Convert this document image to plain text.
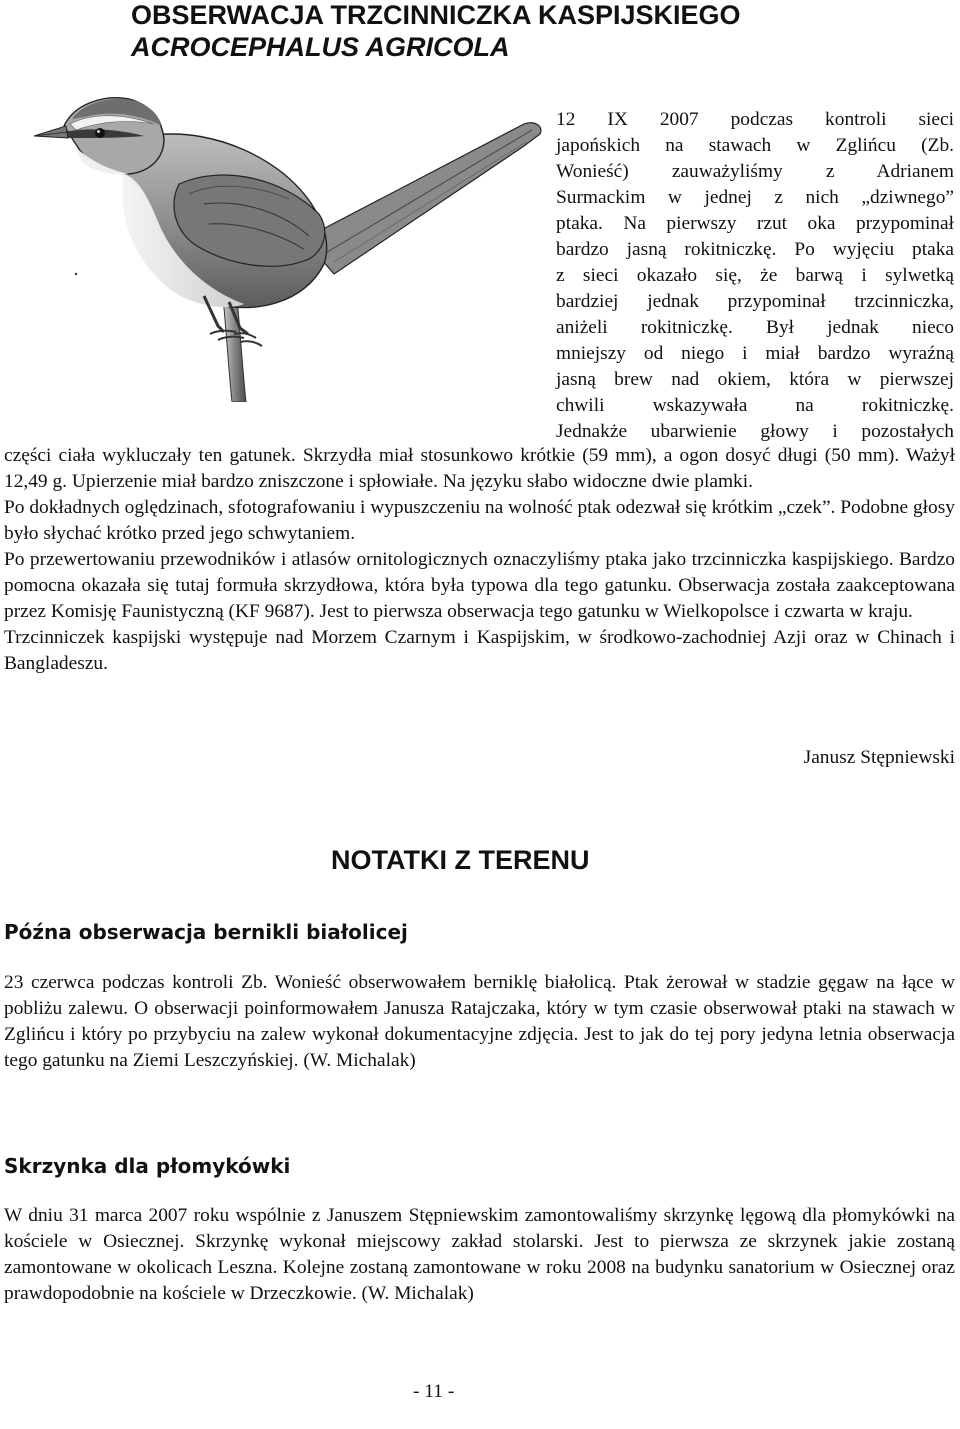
OBSERWACJA TRZCINNICZKA KASPIJSKIEGO
ACROCEPHALUS AGRICOLA
12 IX 2007 podczas kontroli sieci
japońskich na stawach w Zglińcu (Zb.
Wonieść) zauważyliśmy z Adrianem
Surmackim w jednej z nich „dziwnego”
ptaka. Na pierwszy rzut oka przypominał
bardzo jasną rokitniczkę. Po wyjęciu ptaka
z sieci okazało się, że barwą i sylwetką
bardziej jednak przypominał trzcinniczka,
aniżeli rokitniczkę. Był jednak nieco
mniejszy od niego i miał bardzo wyraźną
jasną brew nad okiem, która w pierwszej
chwili wskazywała na rokitniczkę.
Jednakże ubarwienie głowy i pozostałych

części ciała wykluczały ten gatunek. Skrzydła miał stosunkowo krótkie (59 mm), a ogon dosyć długi (50 mm). Ważył 12,49 g. Upierzenie miał bardzo zniszczone i spłowiałe. Na języku słabo widoczne dwie plamki.

Po dokładnych oględzinach, sfotografowaniu i wypuszczeniu na wolność ptak odezwał się krótkim „czek”. Podobne głosy było słychać krótko przed jego schwytaniem.

Po przewertowaniu przewodników i atlasów ornitologicznych oznaczyliśmy ptaka jako trzcinniczka kaspijskiego. Bardzo pomocna okazała się tutaj formuła skrzydłowa, która była typowa dla tego gatunku. Obserwacja została zaakceptowana przez Komisję Faunistyczną (KF 9687). Jest to pierwsza obserwacja tego gatunku w Wielkopolsce i czwarta w kraju.

Trzcinniczek kaspijski występuje nad Morzem Czarnym i Kaspijskim, w środkowo-zachodniej Azji oraz w Chinach i Bangladeszu.

Janusz Stępniewski

NOTATKI Z TERENU
Późna obserwacja bernikli białolicej

23 czerwca podczas kontroli Zb. Wonieść obserwowałem berniklę białolicą. Ptak żerował w stadzie gęgaw na łące w pobliżu zalewu. O obserwacji poinformowałem Janusza Ratajczaka, który w tym czasie obserwował ptaki na stawach w Zglińcu i który po przybyciu na zalew wykonał dokumentacyjne zdjęcia. Jest to jak do tej pory jedyna letnia obserwacja tego gatunku na Ziemi Leszczyńskiej. (W. Michalak)

Skrzynka dla płomykówki

W dniu 31 marca 2007 roku wspólnie z Januszem Stępniewskim zamontowaliśmy skrzynkę lęgową dla płomykówki na kościele w Osiecznej. Skrzynkę wykonał miejscowy zakład stolarski. Jest to pierwsza ze skrzynek jakie zostaną zamontowane w okolicach Leszna. Kolejne zostaną zamontowane w roku 2008 na budynku sanatorium w Osiecznej oraz prawdopodobnie na kościele w Drzeczkowie. (W. Michalak)

- 11 -
